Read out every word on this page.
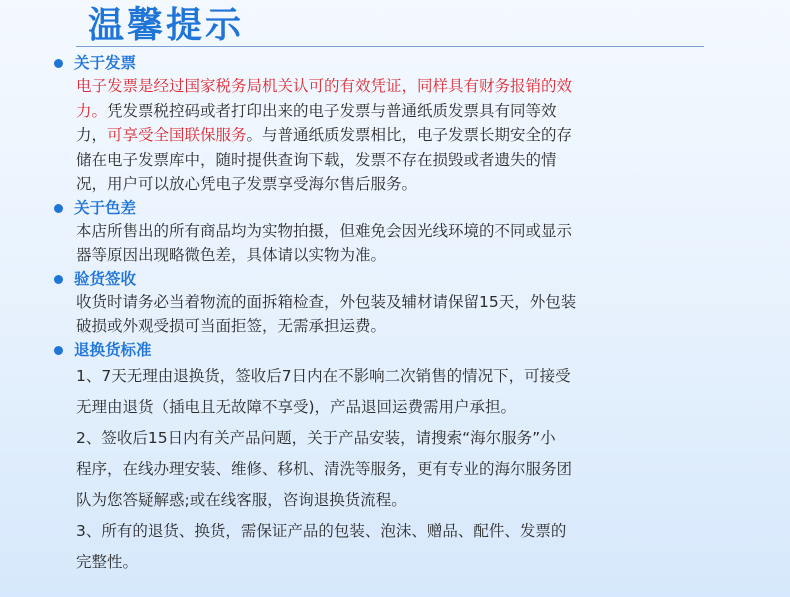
温馨提示
关于发票
电子发票是经过国家税务局机关认可的有效凭证，同样具有财务报销的效
力。凭发票税控码或者打印出来的电子发票与普通纸质发票具有同等效
力，可享受全国联保服务。与普通纸质发票相比，电子发票长期安全的存
储在电子发票库中，随时提供查询下载，发票不存在损毁或者遗失的情
况，用户可以放心凭电子发票享受海尔售后服务。
关于色差
本店所售出的所有商品均为实物拍摄，但难免会因光线环境的不同或显示
器等原因出现略微色差，具体请以实物为准。
验货签收
收货时请务必当着物流的面拆箱检查，外包装及辅材请保留15天，外包装
破损或外观受损可当面拒签，无需承担运费。
退换货标准
1、7天无理由退换货，签收后7日内在不影响二次销售的情况下，可接受
无理由退货（插电且无故障不享受)，产品退回运费需用户承担。
2、签收后15日内有关产品问题，关于产品安装，请搜索“海尔服务”小
程序，在线办理安装、维修、移机、清洗等服务，更有专业的海尔服务团
队为您答疑解惑;或在线客服，咨询退换货流程。
3、所有的退货、换货，需保证产品的包装、泡沫、赠品、配件、发票的
完整性。
